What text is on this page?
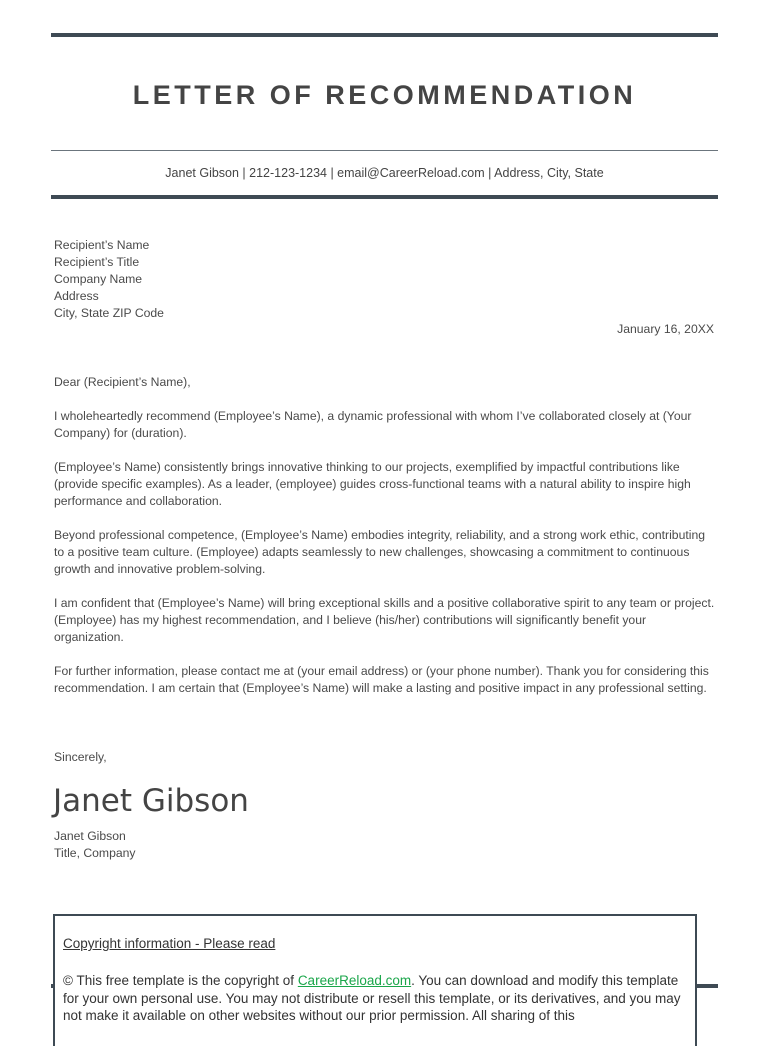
LETTER OF RECOMMENDATION
Janet Gibson | 212-123-1234 | email@CareerReload.com | Address, City, State
Recipient’s Name
Recipient’s Title
Company Name
Address
City, State ZIP Code
January 16, 20XX
Dear (Recipient’s Name),
I wholeheartedly recommend (Employee’s Name), a dynamic professional with whom I’ve collaborated closely at (Your Company) for (duration).
(Employee’s Name) consistently brings innovative thinking to our projects, exemplified by impactful contributions like (provide specific examples). As a leader, (employee) guides cross-functional teams with a natural ability to inspire high performance and collaboration.
Beyond professional competence, (Employee’s Name) embodies integrity, reliability, and a strong work ethic, contributing to a positive team culture. (Employee) adapts seamlessly to new challenges, showcasing a commitment to continuous growth and innovative problem-solving.
I am confident that (Employee’s Name) will bring exceptional skills and a positive collaborative spirit to any team or project. (Employee) has my highest recommendation, and I believe (his/her) contributions will significantly benefit your organization.
For further information, please contact me at (your email address) or (your phone number). Thank you for considering this recommendation. I am certain that (Employee’s Name) will make a lasting and positive impact in any professional setting.
Sincerely,
Janet Gibson
Janet Gibson
Title, Company
Copyright information - Please read
© This free template is the copyright of CareerReload.com. You can download and modify this template for your own personal use. You may not distribute or resell this template, or its derivatives, and you may not make it available on other websites without our prior permission. All sharing of this
